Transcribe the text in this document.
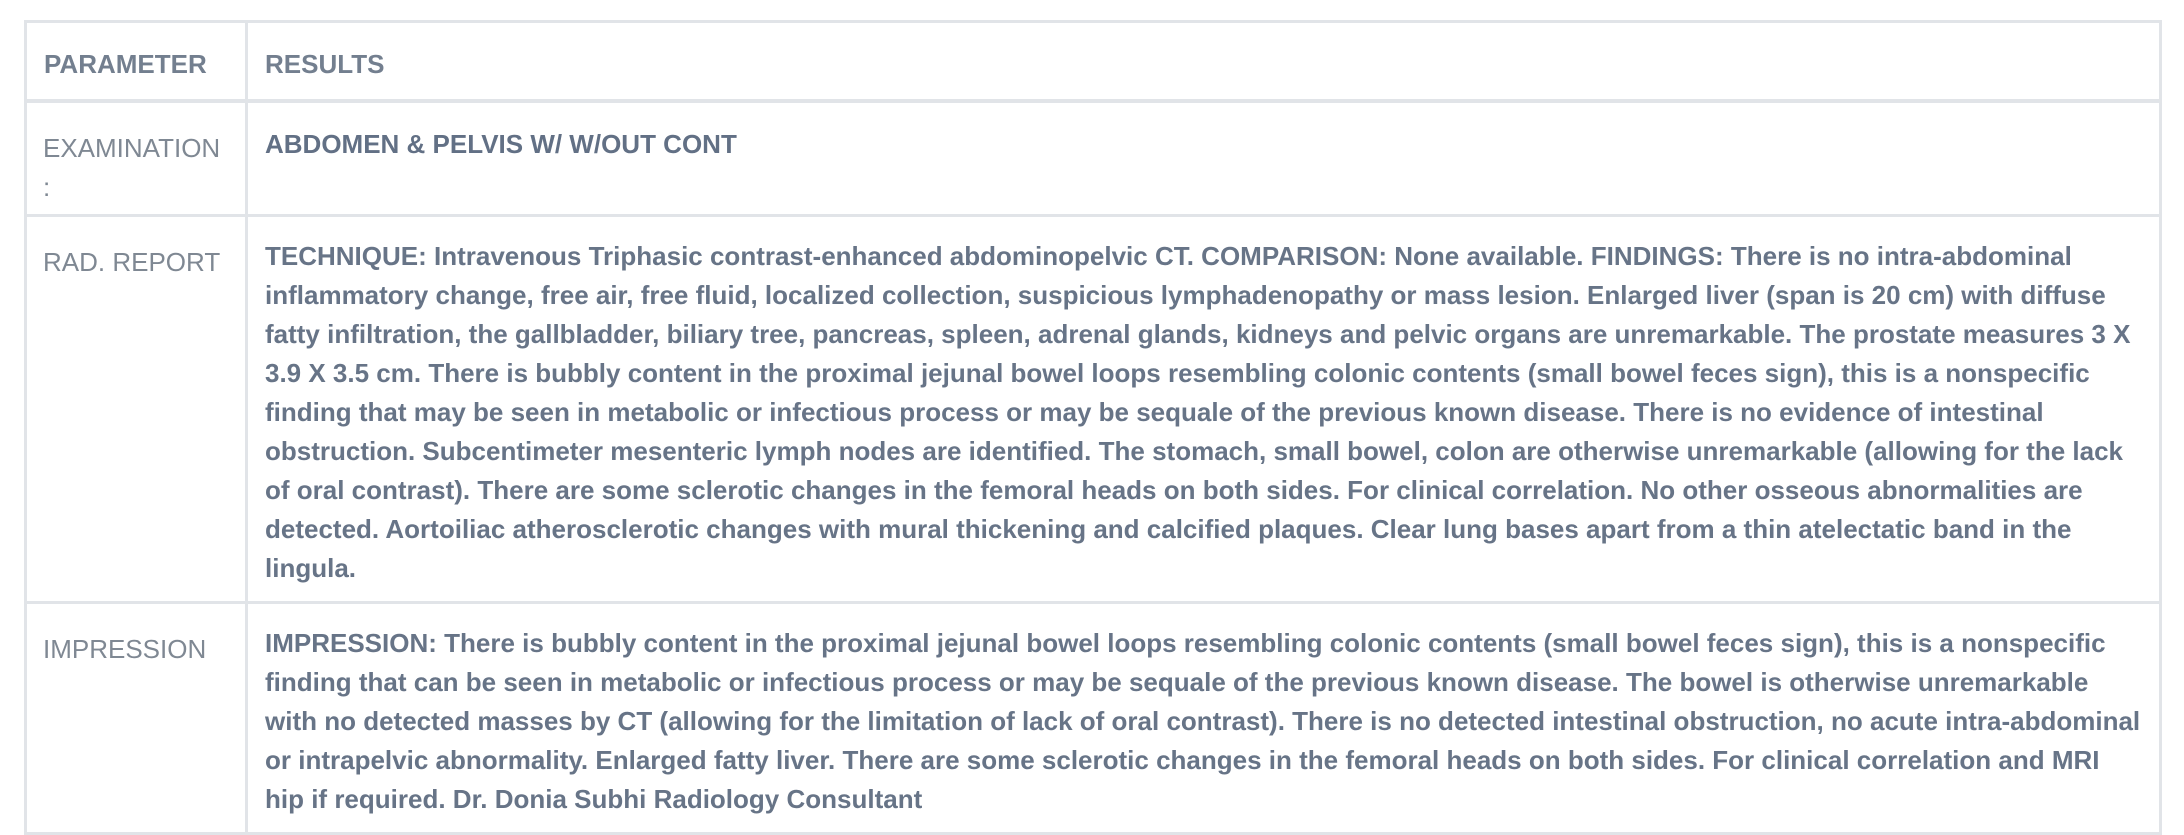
PARAMETER	RESULTS
EXAMINATION :	ABDOMEN & PELVIS W/ W/OUT CONT
RAD. REPORT	TECHNIQUE: Intravenous Triphasic contrast-enhanced abdominopelvic CT. COMPARISON: None available. FINDINGS: There is no intra-abdominal inflammatory change, free air, free fluid, localized collection, suspicious lymphadenopathy or mass lesion. Enlarged liver (span is 20 cm) with diffuse fatty infiltration, the gallbladder, biliary tree, pancreas, spleen, adrenal glands, kidneys and pelvic organs are unremarkable. The prostate measures 3 X 3.9 X 3.5 cm. There is bubbly content in the proximal jejunal bowel loops resembling colonic contents (small bowel feces sign), this is a nonspecific finding that may be seen in metabolic or infectious process or may be sequale of the previous known disease. There is no evidence of intestinal obstruction. Subcentimeter mesenteric lymph nodes are identified. The stomach, small bowel, colon are otherwise unremarkable (allowing for the lack of oral contrast). There are some sclerotic changes in the femoral heads on both sides. For clinical correlation. No other osseous abnormalities are detected. Aortoiliac atherosclerotic changes with mural thickening and calcified plaques. Clear lung bases apart from a thin atelectatic band in the lingula.
IMPRESSION	IMPRESSION: There is bubbly content in the proximal jejunal bowel loops resembling colonic contents (small bowel feces sign), this is a nonspecific finding that can be seen in metabolic or infectious process or may be sequale of the previous known disease. The bowel is otherwise unremarkable with no detected masses by CT (allowing for the limitation of lack of oral contrast). There is no detected intestinal obstruction, no acute intra-abdominal or intrapelvic abnormality. Enlarged fatty liver. There are some sclerotic changes in the femoral heads on both sides. For clinical correlation and MRI hip if required. Dr. Donia Subhi Radiology Consultant
